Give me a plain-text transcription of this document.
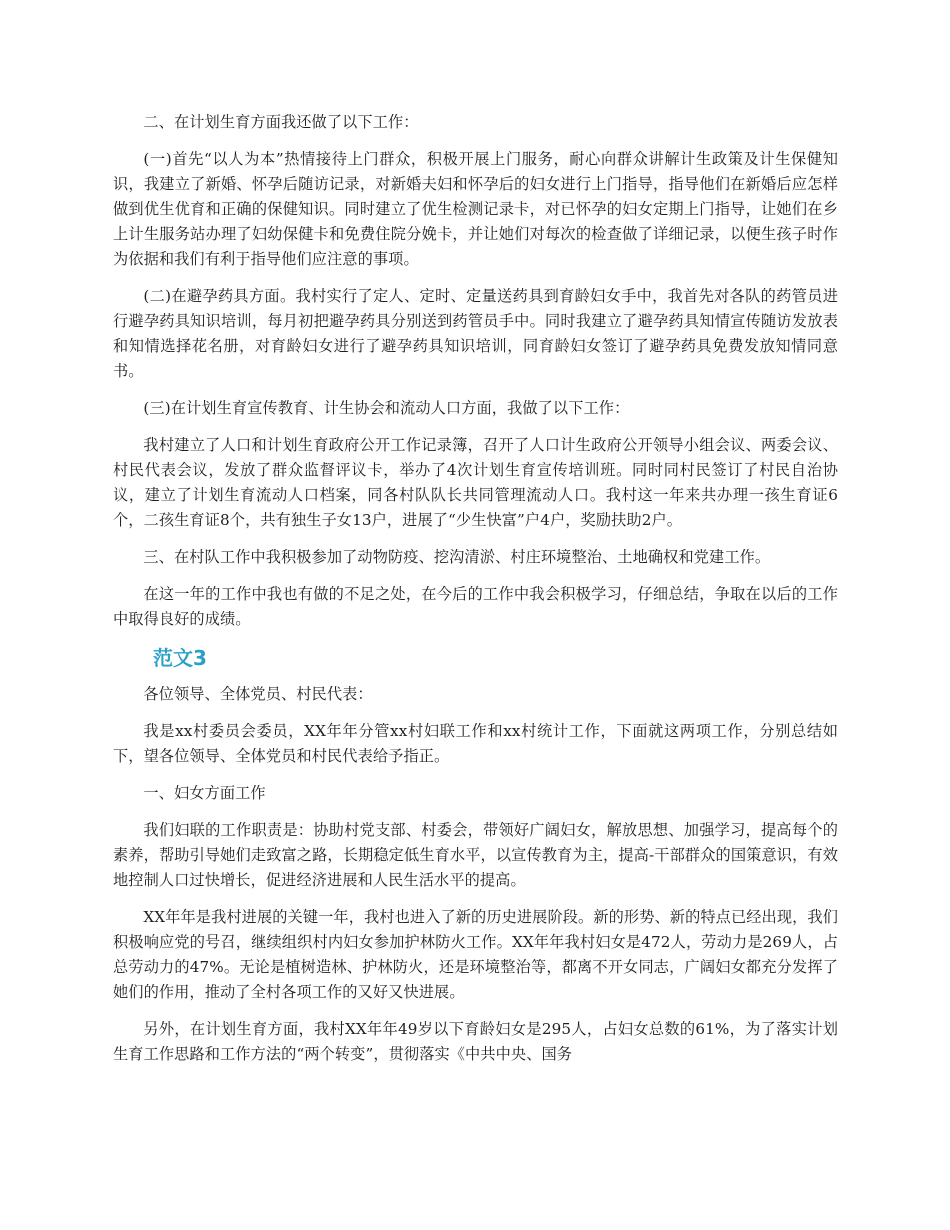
二、在计划生育方面我还做了以下工作：

(一)首先“以人为本”热情接待上门群众，积极开展上门服务，耐心向群众讲解计生政策及计生保健知识，我建立了新婚、怀孕后随访记录，对新婚夫妇和怀孕后的妇女进行上门指导，指导他们在新婚后应怎样做到优生优育和正确的保健知识。同时建立了优生检测记录卡，对已怀孕的妇女定期上门指导，让她们在乡上计生服务站办理了妇幼保健卡和免费住院分娩卡，并让她们对每次的检查做了详细记录，以便生孩子时作为依据和我们有利于指导他们应注意的事项。

(二)在避孕药具方面。我村实行了定人、定时、定量送药具到育龄妇女手中，我首先对各队的药管员进行避孕药具知识培训，每月初把避孕药具分别送到药管员手中。同时我建立了避孕药具知情宣传随访发放表和知情选择花名册，对育龄妇女进行了避孕药具知识培训，同育龄妇女签订了避孕药具免费发放知情同意书。

(三)在计划生育宣传教育、计生协会和流动人口方面，我做了以下工作：

我村建立了人口和计划生育政府公开工作记录簿，召开了人口计生政府公开领导小组会议、两委会议、村民代表会议，发放了群众监督评议卡，举办了4次计划生育宣传培训班。同时同村民签订了村民自治协议，建立了计划生育流动人口档案，同各村队队长共同管理流动人口。我村这一年来共办理一孩生育证6个，二孩生育证8个，共有独生子女13户，进展了“少生快富”户4户，奖励扶助2户。

三、在村队工作中我积极参加了动物防疫、挖沟清淤、村庄环境整治、土地确权和党建工作。

在这一年的工作中我也有做的不足之处，在今后的工作中我会积极学习，仔细总结，争取在以后的工作中取得良好的成绩。

范文3

各位领导、全体党员、村民代表：

我是xx村委员会委员，XX年年分管xx村妇联工作和xx村统计工作，下面就这两项工作，分别总结如下，望各位领导、全体党员和村民代表给予指正。

一、妇女方面工作

我们妇联的工作职责是：协助村党支部、村委会，带领好广阔妇女，解放思想、加强学习，提高每个的素养，帮助引导她们走致富之路，长期稳定低生育水平，以宣传教育为主，提高-干部群众的国策意识，有效地控制人口过快增长，促进经济进展和人民生活水平的提高。

XX年年是我村进展的关键一年，我村也进入了新的历史进展阶段。新的形势、新的特点已经出现，我们积极响应党的号召，继续组织村内妇女参加护林防火工作。XX年年我村妇女是472人，劳动力是269人，占总劳动力的47%。无论是植树造林、护林防火，还是环境整治等，都离不开女同志，广阔妇女都充分发挥了她们的作用，推动了全村各项工作的又好又快进展。

另外，在计划生育方面，我村XX年年49岁以下育龄妇女是295人，占妇女总数的61%，为了落实计划生育工作思路和工作方法的“两个转变”，贯彻落实《中共中央、国务
